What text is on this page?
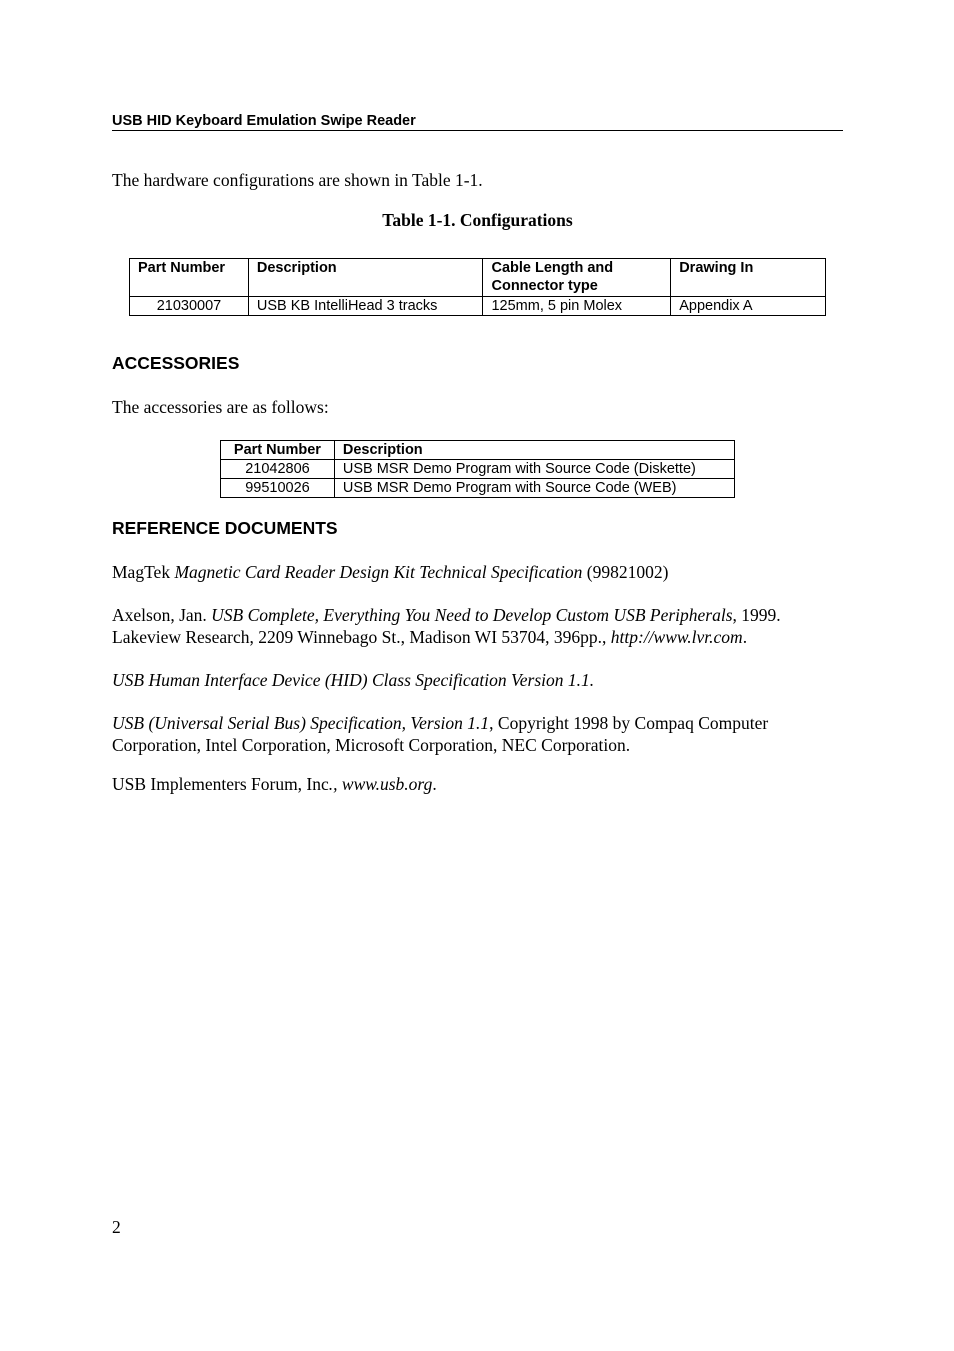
USB HID Keyboard Emulation Swipe Reader
The hardware configurations are shown in Table 1-1.
Table 1-1. Configurations
Part Number	Description	Cable Length and Connector type	Drawing In
21030007	USB KB IntelliHead 3 tracks	125mm, 5 pin Molex	Appendix A
ACCESSORIES
The accessories are as follows:
Part Number	Description
21042806	USB MSR Demo Program with Source Code (Diskette)
99510026	USB MSR Demo Program with Source Code (WEB)
REFERENCE DOCUMENTS
MagTek Magnetic Card Reader Design Kit Technical Specification (99821002)
Axelson, Jan. USB Complete, Everything You Need to Develop Custom USB Peripherals, 1999. Lakeview Research, 2209 Winnebago St., Madison WI 53704, 396pp., http://www.lvr.com.
USB Human Interface Device (HID) Class Specification Version 1.1.
USB (Universal Serial Bus) Specification, Version 1.1, Copyright 1998 by Compaq Computer Corporation, Intel Corporation, Microsoft Corporation, NEC Corporation.
USB Implementers Forum, Inc., www.usb.org.
2
